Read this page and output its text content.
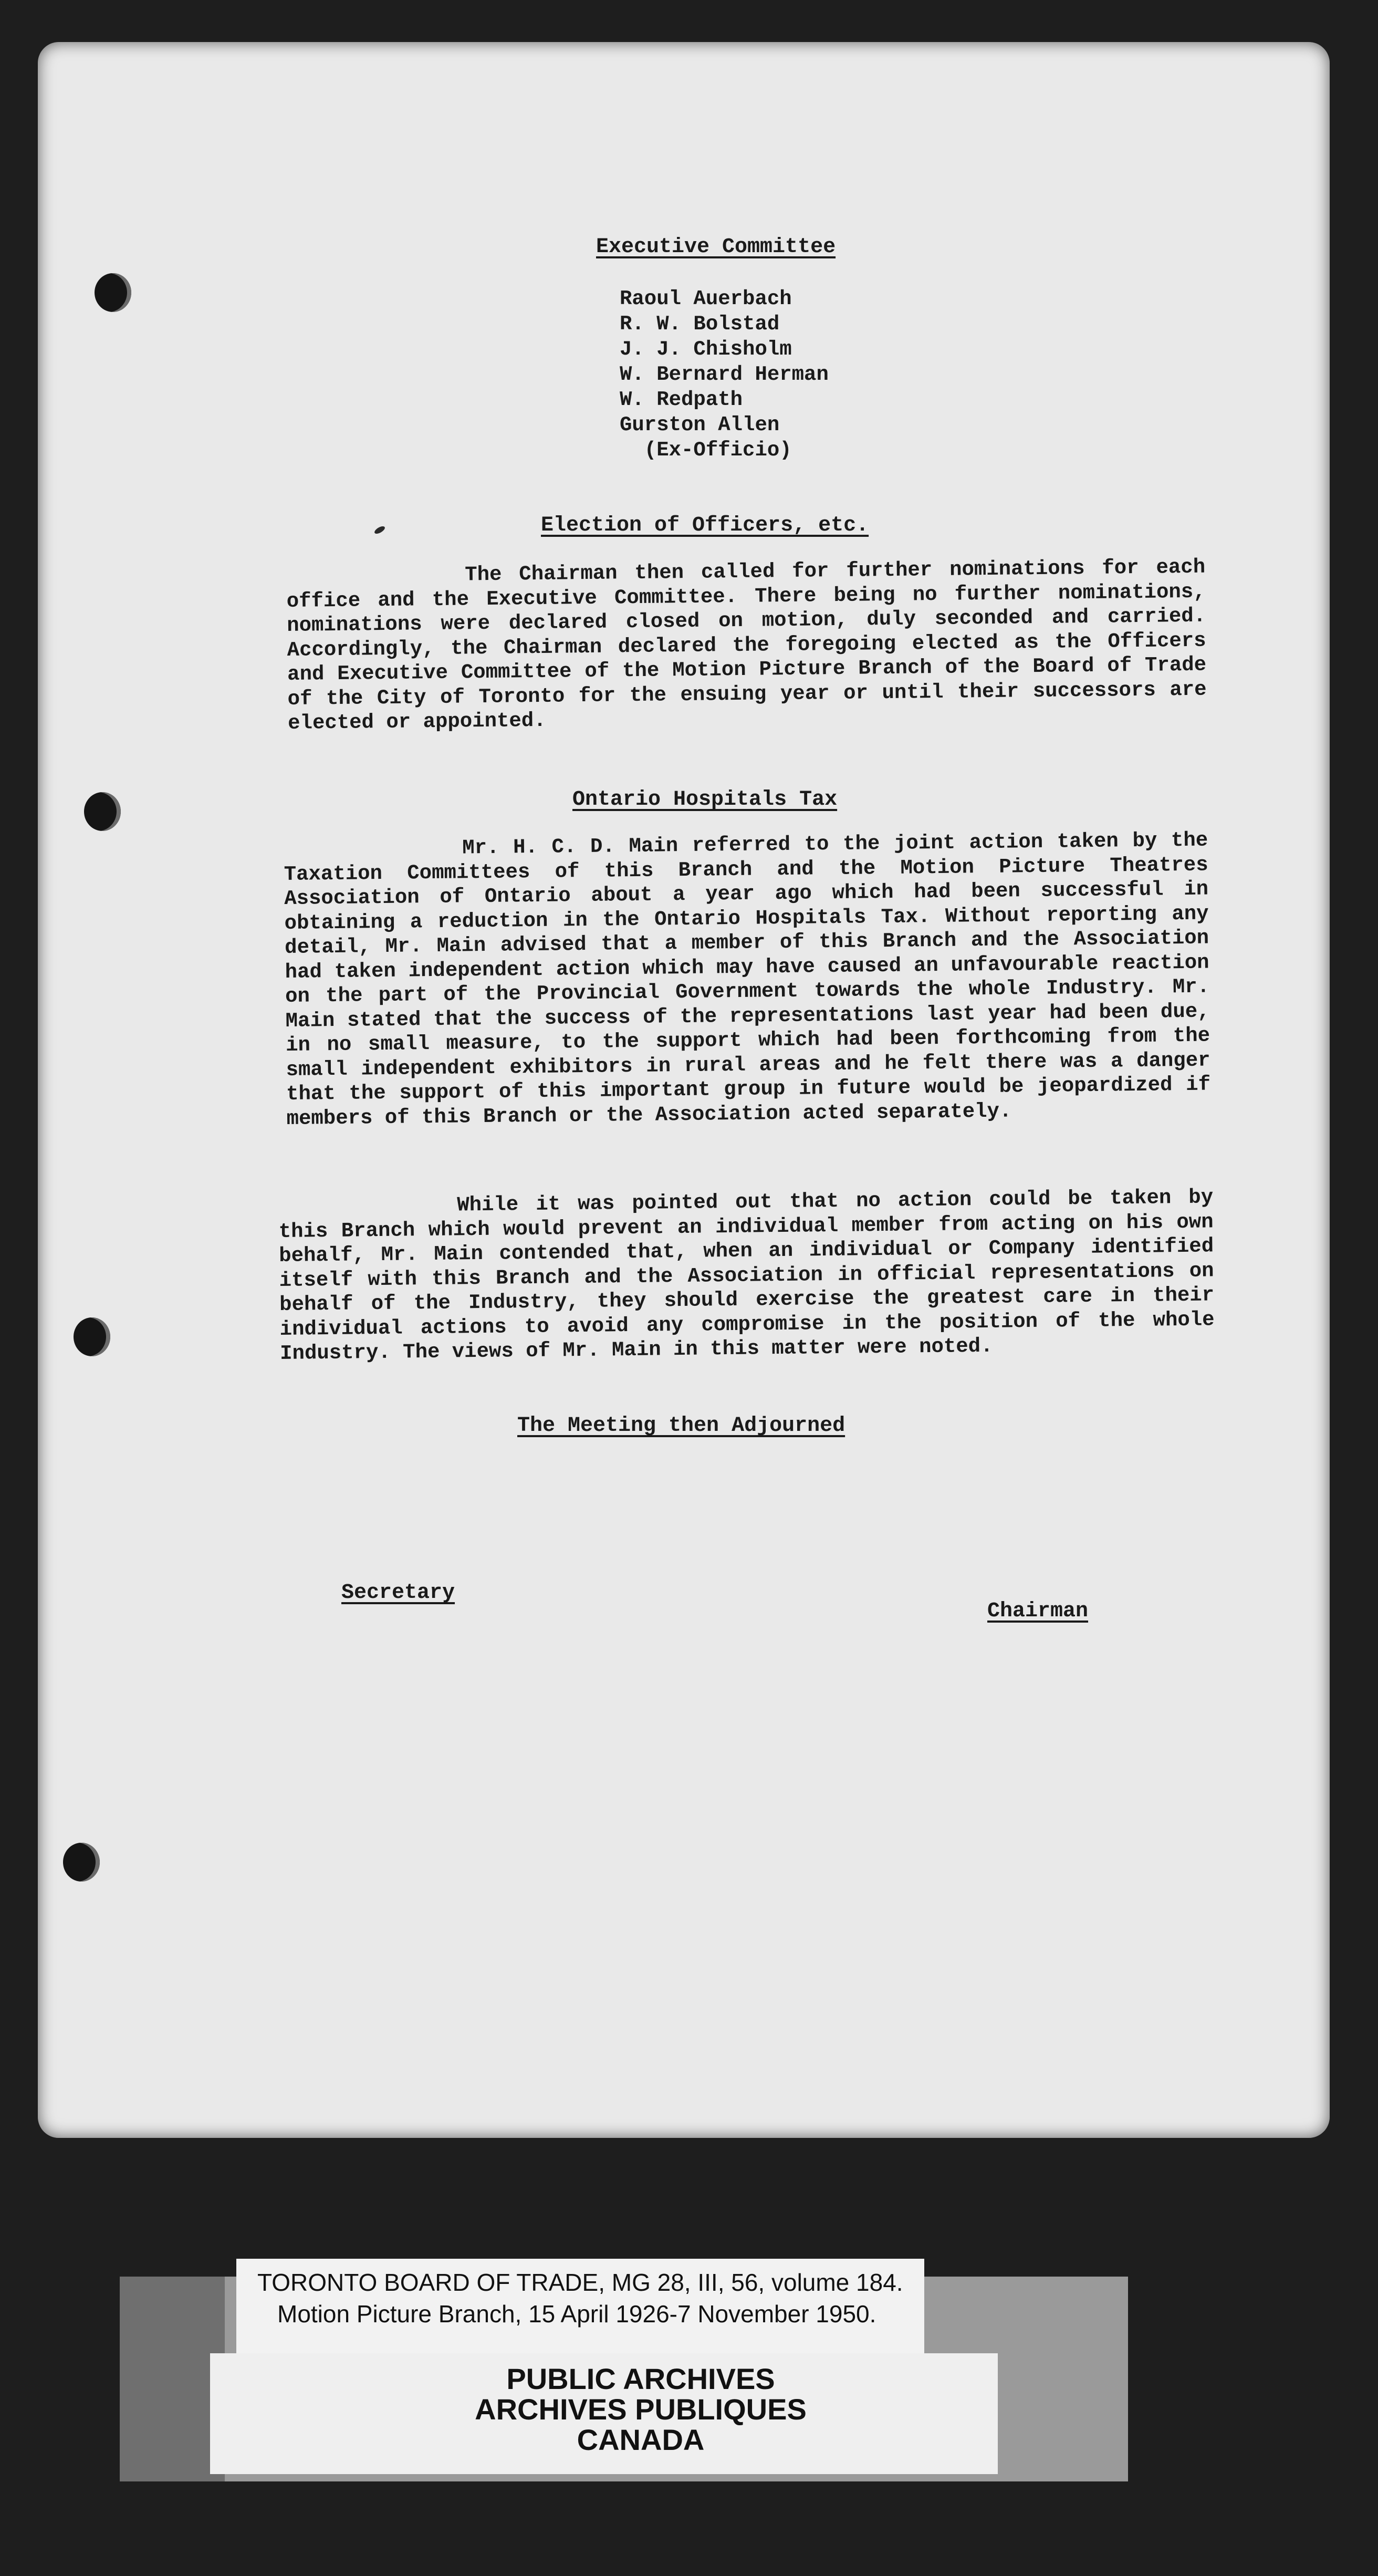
Executive Committee
Raoul Auerbach
R. W. Bolstad
J. J. Chisholm
W. Bernard Herman
W. Redpath
Gurston Allen
(Ex-Officio)
Election of Officers, etc.

The Chairman then called for further nominations for each office and the Executive Committee. There being no further nominations, nominations were declared closed on motion, duly seconded and carried. Accordingly, the Chairman declared the foregoing elected as the Officers and Executive Committee of the Motion Picture Branch of the Board of Trade of the City of Toronto for the ensuing year or until their successors are elected or appointed.

Ontario Hospitals Tax

Mr. H. C. D. Main referred to the joint action taken by the Taxation Committees of this Branch and the Motion Picture Theatres Association of Ontario about a year ago which had been successful in obtaining a reduction in the Ontario Hospitals Tax. Without reporting any detail, Mr. Main advised that a member of this Branch and the Association had taken independent action which may have caused an unfavourable reaction on the part of the Provincial Government towards the whole Industry. Mr. Main stated that the success of the representations last year had been due, in no small measure, to the support which had been forthcoming from the small independent exhibitors in rural areas and he felt there was a danger that the support of this important group in future would be jeopardized if members of this Branch or the Association acted separately.

While it was pointed out that no action could be taken by this Branch which would prevent an individual member from acting on his own behalf, Mr. Main contended that, when an individual or Company identified itself with this Branch and the Association in official representations on behalf of the Industry, they should exercise the greatest care in their individual actions to avoid any compromise in the position of the whole Industry. The views of Mr. Main in this matter were noted.

The Meeting then Adjourned
Secretary
Chairman
TORONTO BOARD OF TRADE, MG 28, III, 56, volume 184.
Motion Picture Branch, 15 April 1926-7 November 1950.
PUBLIC ARCHIVES
ARCHIVES PUBLIQUES
CANADA
